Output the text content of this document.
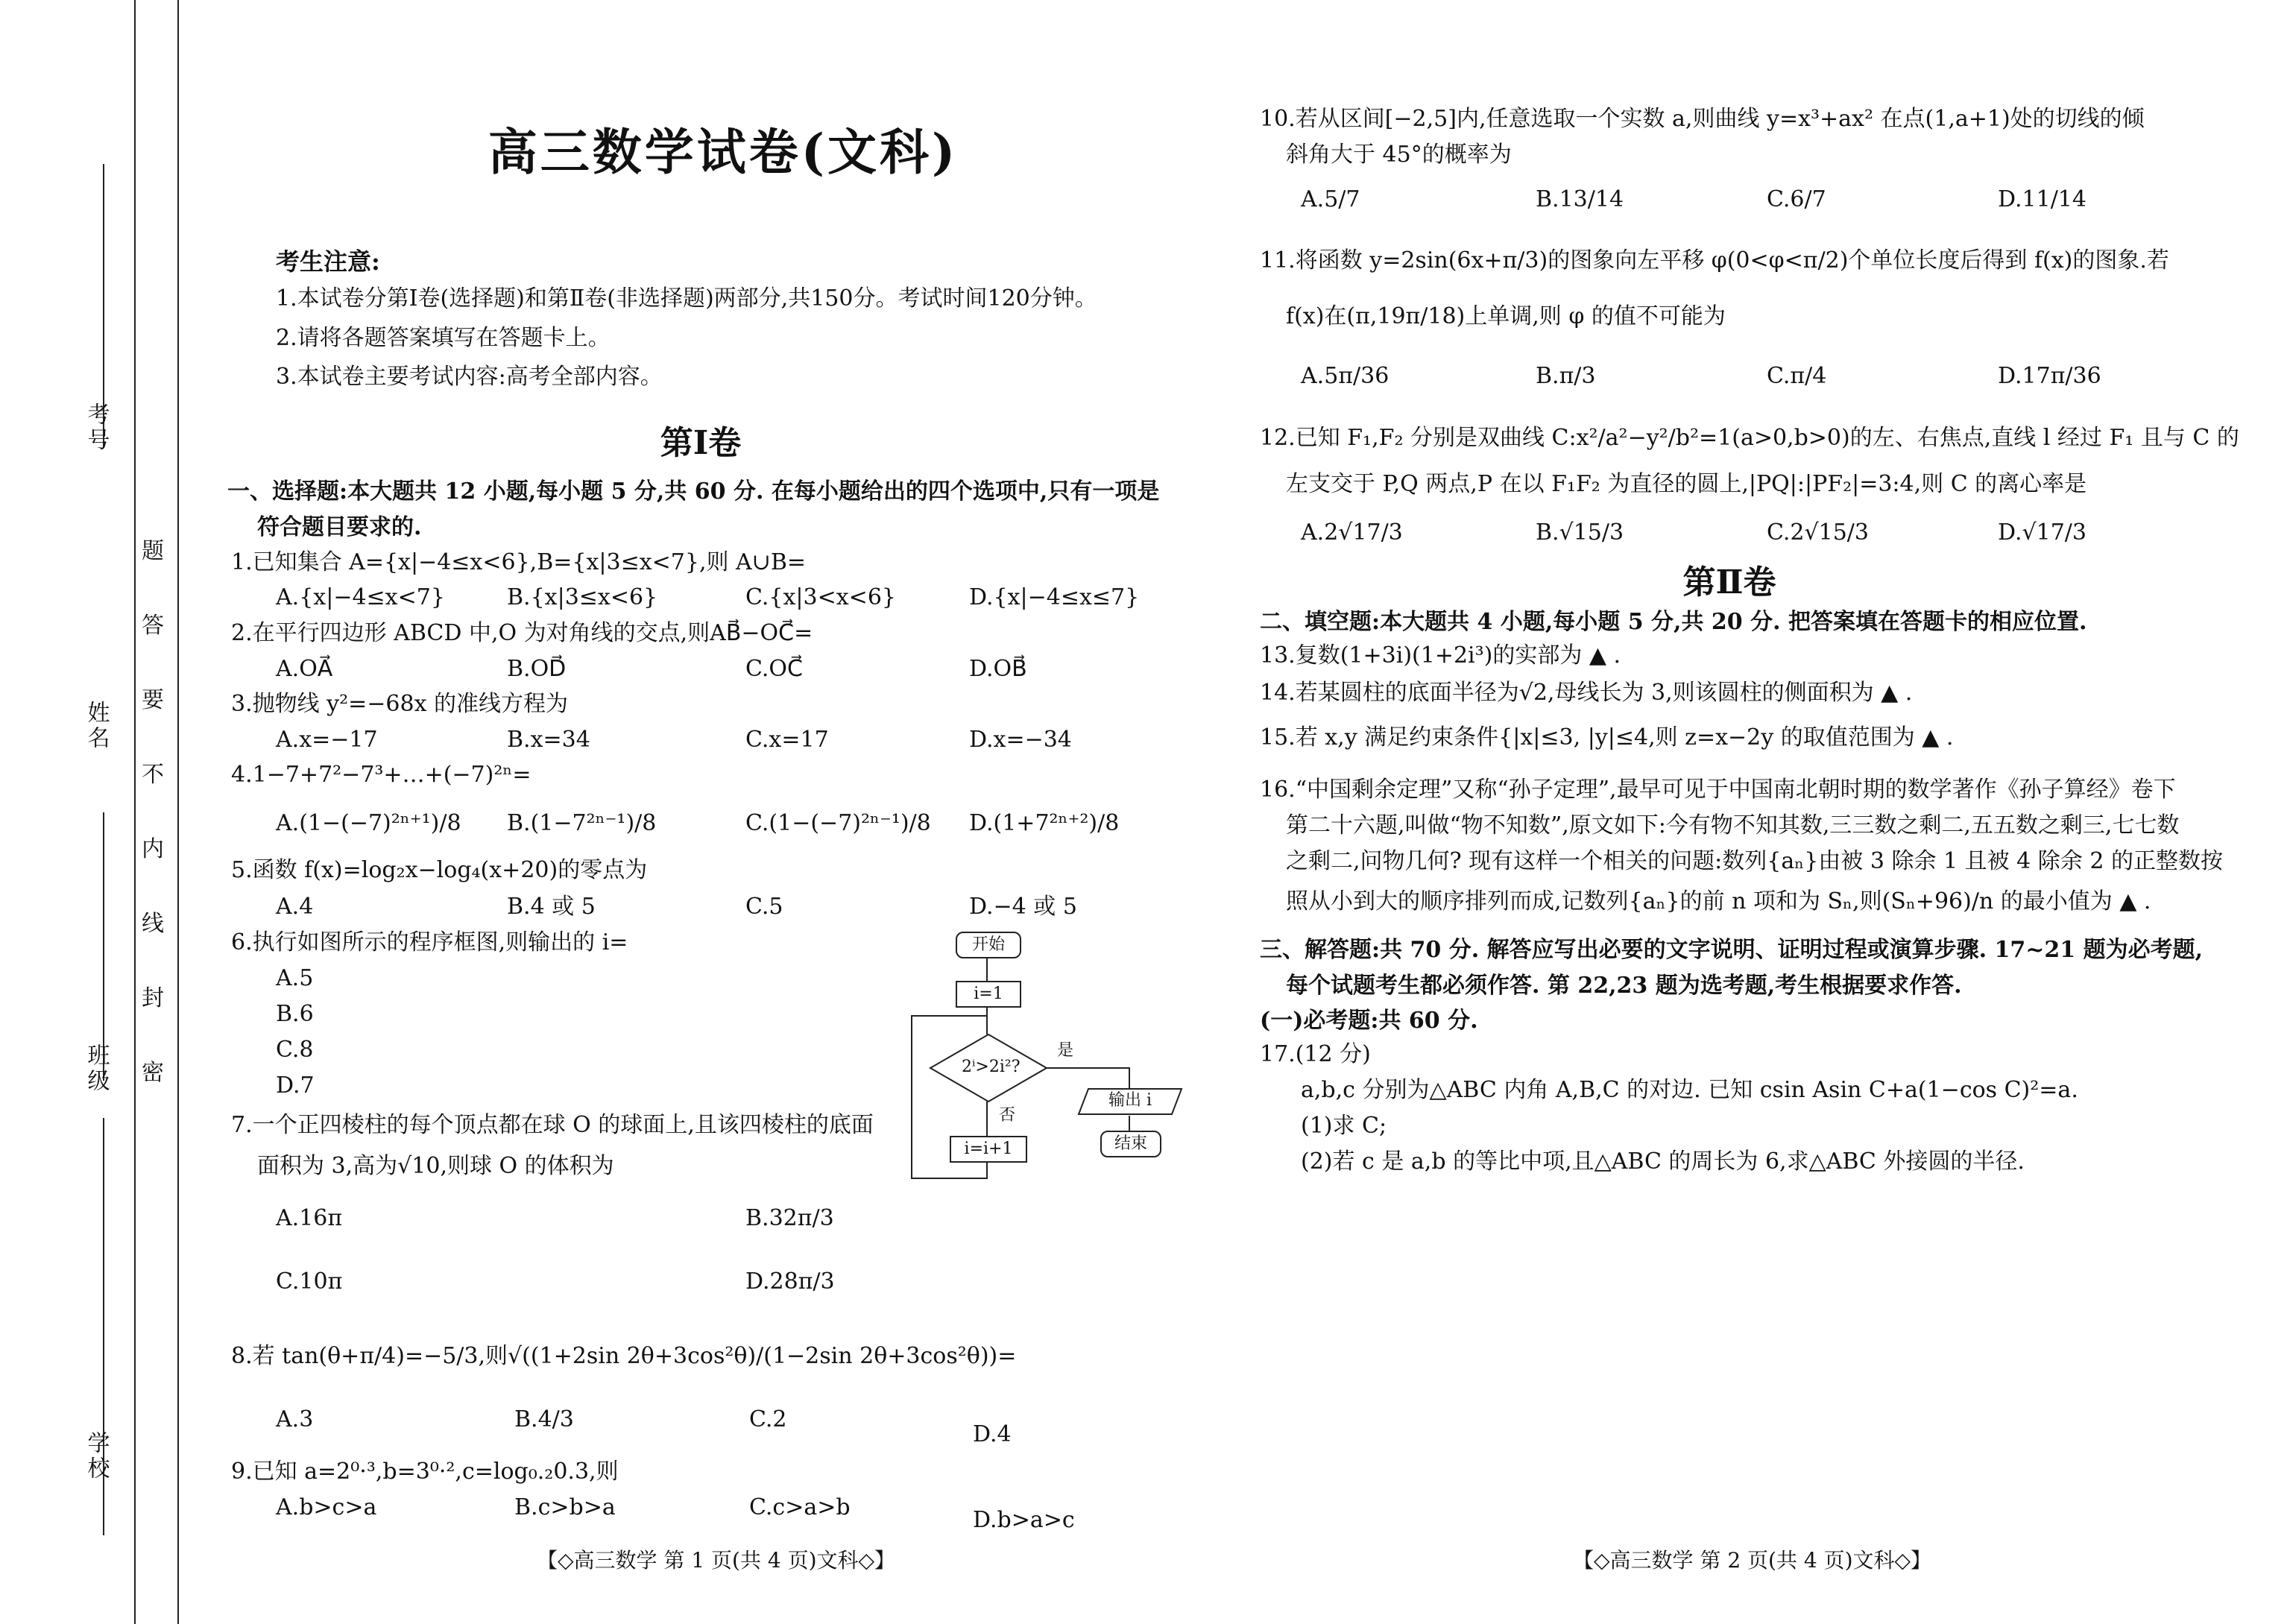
考号
姓名
班级
学校
题
答
要
不
内
线
封
密
高三数学试卷(文科)
考生注意:
1.本试卷分第Ⅰ卷(选择题)和第Ⅱ卷(非选择题)两部分,共150分。考试时间120分钟。
2.请将各题答案填写在答题卡上。
3.本试卷主要考试内容:高考全部内容。
第Ⅰ卷
一、选择题:本大题共 12 小题,每小题 5 分,共 60 分. 在每小题给出的四个选项中,只有一项是
符合题目要求的.
1.已知集合 A={x|−4≤x<6},B={x|3≤x<7},则 A∪B=
A.{x|−4≤x<7}	B.{x|3≤x<6}	C.{x|3<x<6}	D.{x|−4≤x≤7}
2.在平行四边形 ABCD 中,O 为对角线的交点,则AB⃗−OC⃗=
A.OA⃗	B.OD⃗	C.OC⃗	D.OB⃗
3.抛物线 y²=−68x 的准线方程为
A.x=−17	B.x=34	C.x=17	D.x=−34
4.1−7+7²−7³+…+(−7)²ⁿ=
A.(1−(−7)²ⁿ⁺¹)/8 B.(1−7²ⁿ⁻¹)/8	C.(1−(−7)²ⁿ⁻¹)/8 D.(1+7²ⁿ⁺²)/8
5.函数 f(x)=log₂x−log₄(x+20)的零点为
A.4	B.4 或 5	C.5	D.−4 或 5
6.执行如图所示的程序框图,则输出的 i=
A.5
B.6
C.8
D.7
开始
i=1
2ⁱ>2i²?
是
输出 i
结束
否
i=i+1
7.一个正四棱柱的每个顶点都在球 O 的球面上,且该四棱柱的底面
面积为 3,高为√10,则球 O 的体积为
A.16π	B.32π/3
C.10π	D.28π/3
8.若 tan(θ+π/4)=−5/3,则√((1+2sin 2θ+3cos²θ)/(1−2sin 2θ+3cos²θ))=
A.3	B.4/3	C.2
D.4
9.已知 a=2⁰·³,b=3⁰·²,c=log₀.₂0.3,则
A.b>c>a	B.c>b>a	C.c>a>b	D.b>a>c
【◇高三数学 第 1 页(共 4 页)文科◇】
10.若从区间[−2,5]内,任意选取一个实数 a,则曲线 y=x³+ax² 在点(1,a+1)处的切线的倾
斜角大于 45°的概率为
A.5/7	B.13/14	C.6/7	D.11/14
11.将函数 y=2sin(6x+π/3)的图象向左平移 φ(0<φ<π/2)个单位长度后得到 f(x)的图象.若
f(x)在(π,19π/18)上单调,则 φ 的值不可能为
A.5π/36	B.π/3	C.π/4	D.17π/36
12.已知 F₁,F₂ 分别是双曲线 C:x²/a²−y²/b²=1(a>0,b>0)的左、右焦点,直线 l 经过 F₁ 且与 C 的
左支交于 P,Q 两点,P 在以 F₁F₂ 为直径的圆上,|PQ|:|PF₂|=3:4,则 C 的离心率是
A.2√17/3	B.√15/3	C.2√15/3	D.√17/3
第Ⅱ卷
二、填空题:本大题共 4 小题,每小题 5 分,共 20 分. 把答案填在答题卡的相应位置.
13.复数(1+3i)(1+2i³)的实部为 ▲ .
14.若某圆柱的底面半径为√2,母线长为 3,则该圆柱的侧面积为 ▲ .
15.若 x,y 满足约束条件{|x|≤3, |y|≤4,则 z=x−2y 的取值范围为 ▲ .
16.“中国剩余定理”又称“孙子定理”,最早可见于中国南北朝时期的数学著作《孙子算经》卷下
第二十六题,叫做“物不知数”,原文如下:今有物不知其数,三三数之剩二,五五数之剩三,七七数
之剩二,问物几何? 现有这样一个相关的问题:数列{aₙ}由被 3 除余 1 且被 4 除余 2 的正整数按
照从小到大的顺序排列而成,记数列{aₙ}的前 n 项和为 Sₙ,则(Sₙ+96)/n 的最小值为 ▲ .
三、解答题:共 70 分. 解答应写出必要的文字说明、证明过程或演算步骤. 17~21 题为必考题,
每个试题考生都必须作答. 第 22,23 题为选考题,考生根据要求作答.
(一)必考题:共 60 分.
17.(12 分)
a,b,c 分别为△ABC 内角 A,B,C 的对边. 已知 csin Asin C+a(1−cos C)²=a.
(1)求 C;
(2)若 c 是 a,b 的等比中项,且△ABC 的周长为 6,求△ABC 外接圆的半径.
【◇高三数学 第 2 页(共 4 页)文科◇】
